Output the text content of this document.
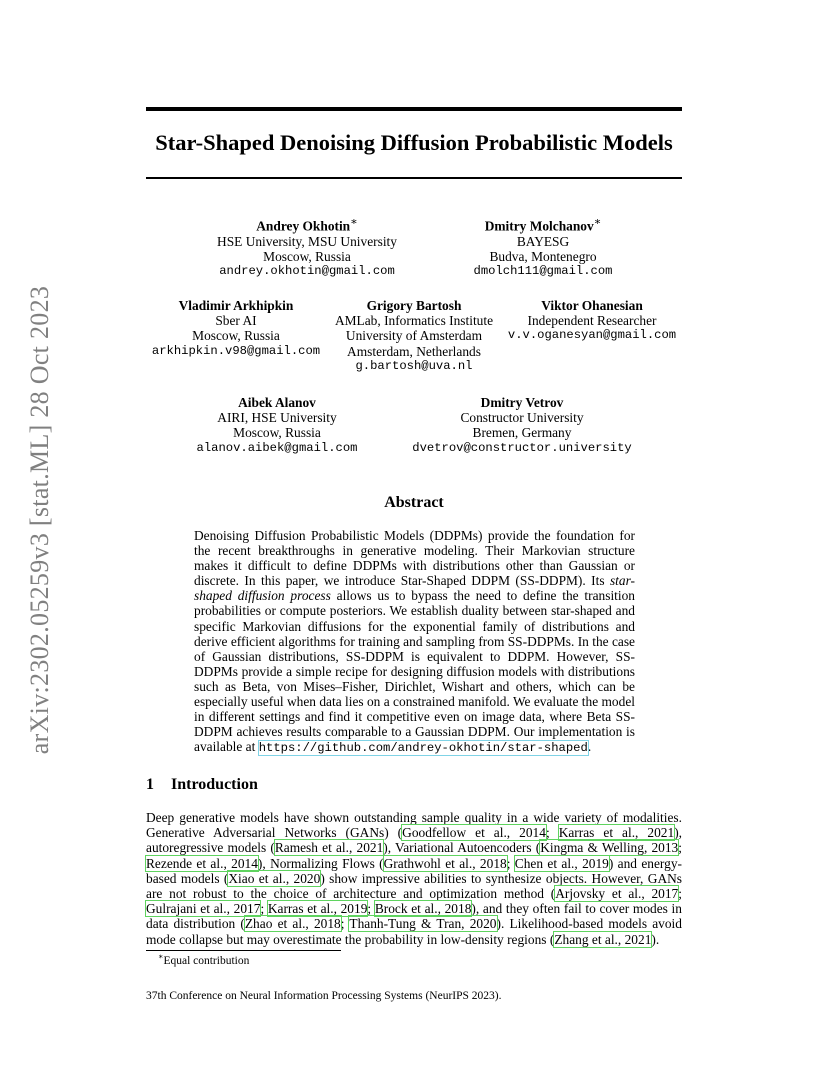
arXiv:2302.05259v3 [stat.ML] 28 Oct 2023
Star-Shaped Denoising Diffusion Probabilistic Models
Andrey Okhotin∗
HSE University, MSU University
Moscow, Russia
andrey.okhotin@gmail.com
Dmitry Molchanov∗
BAYESG
Budva, Montenegro
dmolch111@gmail.com
Vladimir Arkhipkin
Sber AI
Moscow, Russia
arkhipkin.v98@gmail.com
Grigory Bartosh
AMLab, Informatics Institute
University of Amsterdam
Amsterdam, Netherlands
g.bartosh@uva.nl
Viktor Ohanesian
Independent Researcher
v.v.oganesyan@gmail.com
Aibek Alanov
AIRI, HSE University
Moscow, Russia
alanov.aibek@gmail.com
Dmitry Vetrov
Constructor University
Bremen, Germany
dvetrov@constructor.university
Abstract

Denoising Diffusion Probabilistic Models (DDPMs) provide the foundation for the recent breakthroughs in generative modeling. Their Markovian structure makes it difficult to define DDPMs with distributions other than Gaussian or discrete. In this paper, we introduce Star-Shaped DDPM (SS-DDPM). Its star-shaped diffusion process allows us to bypass the need to define the transition probabilities or compute posteriors. We establish duality between star-shaped and specific Markovian diffusions for the exponential family of distributions and derive efficient algorithms for training and sampling from SS-DDPMs. In the case of Gaussian distributions, SS-DDPM is equivalent to DDPM. However, SS-DDPMs provide a simple recipe for designing diffusion models with distributions such as Beta, von Mises–Fisher, Dirichlet, Wishart and others, which can be especially useful when data lies on a constrained manifold. We evaluate the model in different settings and find it competitive even on image data, where Beta SS-DDPM achieves results comparable to a Gaussian DDPM. Our implementation is available at https://github.com/andrey-okhotin/star-shaped.

1 Introduction

Deep generative models have shown outstanding sample quality in a wide variety of modalities. Generative Adversarial Networks (GANs) (Goodfellow et al., 2014; Karras et al., 2021), autoregressive models (Ramesh et al., 2021), Variational Autoencoders (Kingma & Welling, 2013; Rezende et al., 2014), Normalizing Flows (Grathwohl et al., 2018; Chen et al., 2019) and energy-based models (Xiao et al., 2020) show impressive abilities to synthesize objects. However, GANs are not robust to the choice of architecture and optimization method (Arjovsky et al., 2017; Gulrajani et al., 2017; Karras et al., 2019; Brock et al., 2018), and they often fail to cover modes in data distribution (Zhao et al., 2018; Thanh-Tung & Tran, 2020). Likelihood-based models avoid mode collapse but may overestimate the probability in low-density regions (Zhang et al., 2021).

∗Equal contribution
37th Conference on Neural Information Processing Systems (NeurIPS 2023).
